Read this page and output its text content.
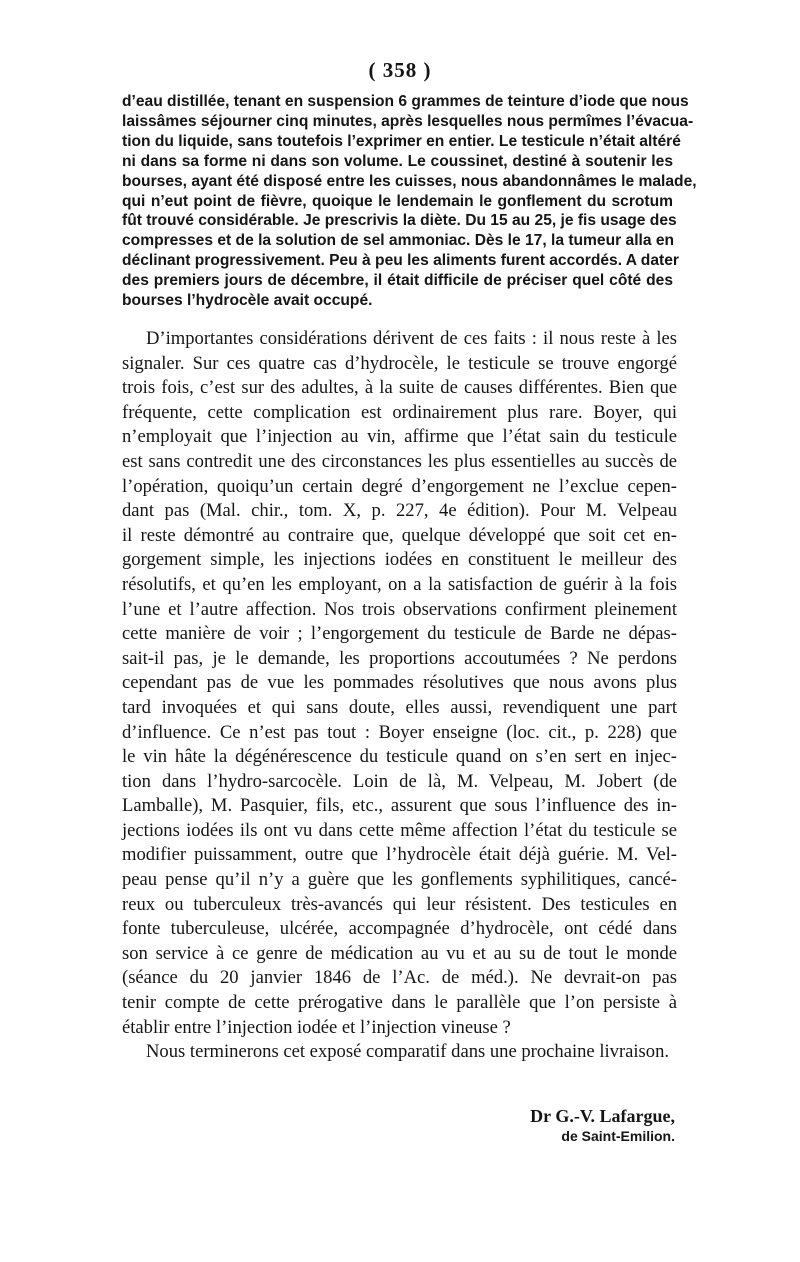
( 358 )
d’eau distillée, tenant en suspension 6 grammes de teinture d’iode que nous
laissâmes séjourner cinq minutes, après lesquelles nous permîmes l’évacua-
tion du liquide, sans toutefois l’exprimer en entier. Le testicule n’était altéré
ni dans sa forme ni dans son volume. Le coussinet, destiné à soutenir les
bourses, ayant été disposé entre les cuisses, nous abandonnâmes le malade,
qui n’eut point de fièvre, quoique le lendemain le gonflement du scrotum
fût trouvé considérable. Je prescrivis la diète. Du 15 au 25, je fis usage des
compresses et de la solution de sel ammoniac. Dès le 17, la tumeur alla en
déclinant progressivement. Peu à peu les aliments furent accordés. A dater
des premiers jours de décembre, il était difficile de préciser quel côté des
bourses l’hydrocèle avait occupé.

D’importantes considérations dérivent de ces faits : il nous reste à les
signaler. Sur ces quatre cas d’hydrocèle, le testicule se trouve engorgé
trois fois, c’est sur des adultes, à la suite de causes différentes. Bien que
fréquente, cette complication est ordinairement plus rare. Boyer, qui
n’employait que l’injection au vin, affirme que l’état sain du testicule
est sans contredit une des circonstances les plus essentielles au succès de
l’opération, quoiqu’un certain degré d’engorgement ne l’exclue cepen-
dant pas (Mal. chir., tom. X, p. 227, 4e édition). Pour M. Velpeau
il reste démontré au contraire que, quelque développé que soit cet en-
gorgement simple, les injections iodées en constituent le meilleur des
résolutifs, et qu’en les employant, on a la satisfaction de guérir à la fois
l’une et l’autre affection. Nos trois observations confirment pleinement
cette manière de voir ; l’engorgement du testicule de Barde ne dépas-
sait-il pas, je le demande, les proportions accoutumées ? Ne perdons
cependant pas de vue les pommades résolutives que nous avons plus
tard invoquées et qui sans doute, elles aussi, revendiquent une part
d’influence. Ce n’est pas tout : Boyer enseigne (loc. cit., p. 228) que
le vin hâte la dégénérescence du testicule quand on s’en sert en injec-
tion dans l’hydro-sarcocèle. Loin de là, M. Velpeau, M. Jobert (de
Lamballe), M. Pasquier, fils, etc., assurent que sous l’influence des in-
jections iodées ils ont vu dans cette même affection l’état du testicule se
modifier puissamment, outre que l’hydrocèle était déjà guérie. M. Vel-
peau pense qu’il n’y a guère que les gonflements syphilitiques, cancé-
reux ou tuberculeux très-avancés qui leur résistent. Des testicules en
fonte tuberculeuse, ulcérée, accompagnée d’hydrocèle, ont cédé dans
son service à ce genre de médication au vu et au su de tout le monde
(séance du 20 janvier 1846 de l’Ac. de méd.). Ne devrait-on pas
tenir compte de cette prérogative dans le parallèle que l’on persiste à
établir entre l’injection iodée et l’injection vineuse ?

Nous terminerons cet exposé comparatif dans une prochaine livraison.

Dr G.-V. Lafargue,
de Saint-Emilion.
